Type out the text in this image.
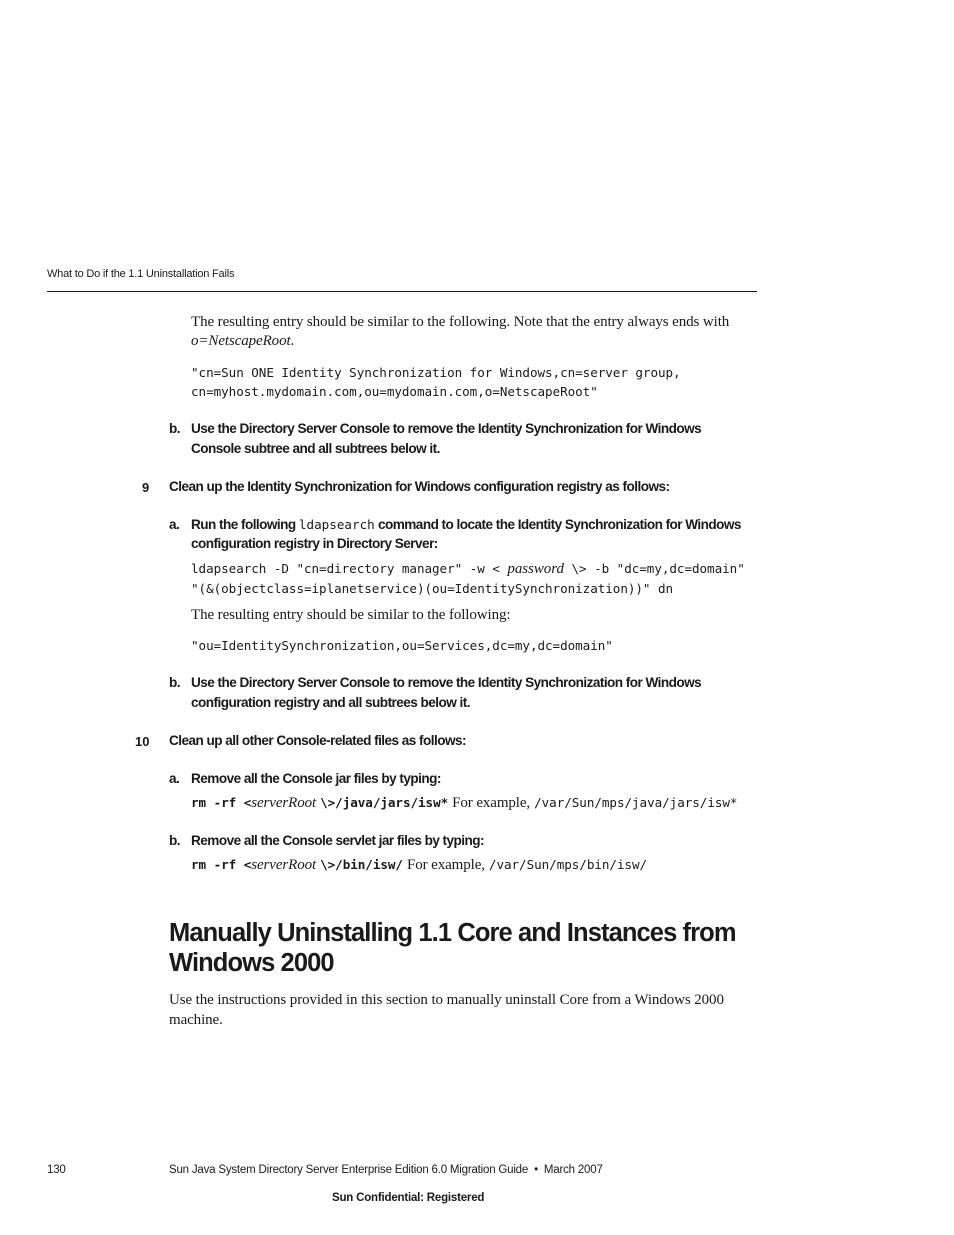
What to Do if the 1.1 Uninstallation Fails
The resulting entry should be similar to the following. Note that the entry always ends with
o=NetscapeRoot.
"cn=Sun ONE Identity Synchronization for Windows,cn=server group,
cn=myhost.mydomain.com,ou=mydomain.com,o=NetscapeRoot"
b. Use the Directory Server Console to remove the Identity Synchronization for Windows
Console subtree and all subtrees below it.
9 Clean up the Identity Synchronization for Windows configuration registry as follows:
a. Run the following ldapsearch command to locate the Identity Synchronization for Windows
configuration registry in Directory Server:
ldapsearch -D "cn=directory manager" -w < password \> -b "dc=my,dc=domain"
"(&(objectclass=iplanetservice)(ou=IdentitySynchronization))" dn
The resulting entry should be similar to the following:
"ou=IdentitySynchronization,ou=Services,dc=my,dc=domain"
b. Use the Directory Server Console to remove the Identity Synchronization for Windows
configuration registry and all subtrees below it.
10 Clean up all other Console-related files as follows:
a. Remove all the Console jar files by typing:
rm -rf <serverRoot \>/java/jars/isw* For example, /var/Sun/mps/java/jars/isw*
b. Remove all the Console servlet jar files by typing:
rm -rf <serverRoot \>/bin/isw/ For example, /var/Sun/mps/bin/isw/
Manually Uninstalling 1.1 Core and Instances from
Windows 2000
Use the instructions provided in this section to manually uninstall Core from a Windows 2000
machine.
130	Sun Java System Directory Server Enterprise Edition 6.0 Migration Guide • March 2007
Sun Confidential: Registered
